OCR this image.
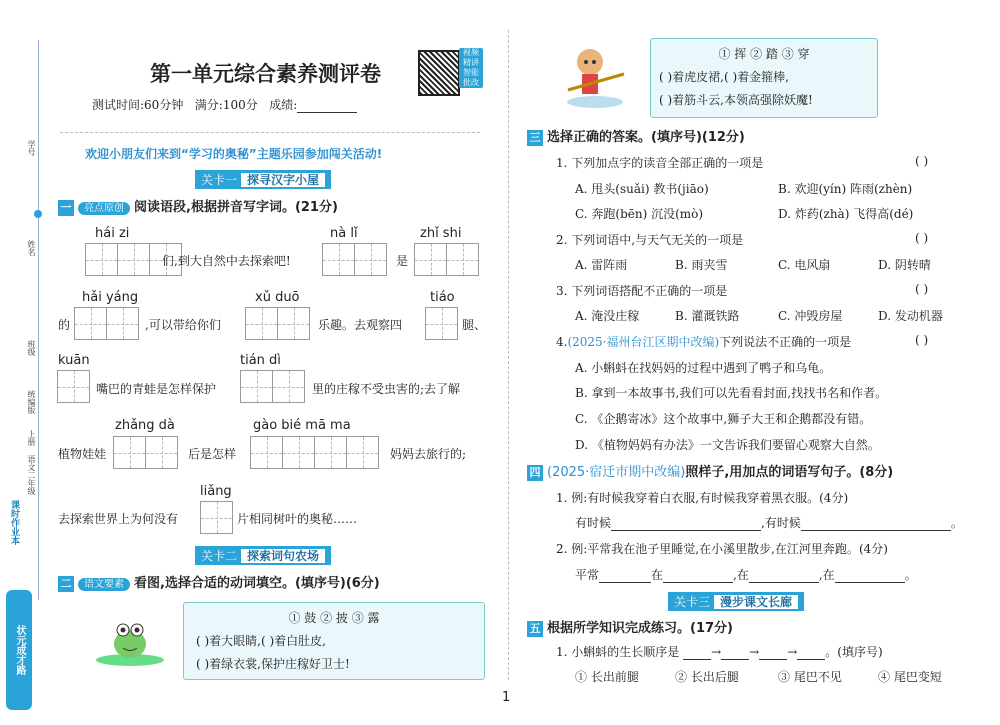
学号
姓名
班级
统编版
上册
语文二年级
课时作业本
状元成才路
第一单元综合素养测评卷
视频
精讲
智能
批改
测试时间:60分钟 满分:100分 成绩:
欢迎小朋友们来到“学习的奥秘”主题乐园参加闯关活动!
关卡一 探寻汉字小屋
一 亮点原创 阅读语段,根据拼音写字词。(21分)
hái zi
们,到大自然中去探索吧!
nà lǐ
是
zhǐ shi
hǎi yáng
的	,可以带给你们
xǔ duō
乐趣。去观察四
tiáo
腿、
kuān
嘴巴的青蛙是怎样保护
tián dì
里的庄稼不受虫害的;去了解
zhǎng dà
植物娃娃	后是怎样
gào bié mā ma
妈妈去旅行的;
liǎng
去探索世界上为何没有	片相同树叶的奥秘……
关卡二 探索词句农场
二 语文要素 看图,选择合适的动词填空。(填序号)(6分)
① 鼓 ② 披 ③ 露
( )着大眼睛,( )着白肚皮,
( )着绿衣裳,保护庄稼好卫士!
① 挥 ② 踏 ③ 穿
( )着虎皮裙,( )着金箍棒,
( )着筋斗云,本领高强除妖魔!
三 选择正确的答案。(填序号)(12分)
1. 下列加点字的读音全部正确的一项是	( )
A. 甩头(suǎi) 教书(jiāo)	B. 欢迎(yín) 阵雨(zhèn)
C. 奔跑(bēn) 沉没(mò)	D. 炸药(zhà) 飞得高(dé)
2. 下列词语中,与天气无关的一项是	( )
A. 雷阵雨	B. 雨夹雪	C. 电风扇	D. 阴转晴
3. 下列词语搭配不正确的一项是	( )
A. 淹没庄稼	B. 灌溉铁路	C. 冲毁房屋	D. 发动机器
4.(2025·福州台江区期中改编)下列说法不正确的一项是	( )
A. 小蝌蚪在找妈妈的过程中遇到了鸭子和乌龟。
B. 拿到一本故事书,我们可以先看看封面,找找书名和作者。
C. 《企鹅寄冰》这个故事中,狮子大王和企鹅都没有错。
D. 《植物妈妈有办法》一文告诉我们要留心观察大自然。
四 (2025·宿迁市期中改编)照样子,用加点的词语写句子。(8分)
1. 例:有时候我穿着白衣服,有时候我穿着黑衣服。(4分)
有时候	,有时候	。
2. 例:平常我在池子里睡觉,在小溪里散步,在江河里奔跑。(4分)
平常	在	,在	,在	。
关卡三 漫步课文长廊
五 根据所学知识完成练习。(17分)
1. 小蝌蚪的生长顺序是	→ → → 。(填序号)
① 长出前腿	② 长出后腿	③ 尾巴不见	④ 尾巴变短
1
